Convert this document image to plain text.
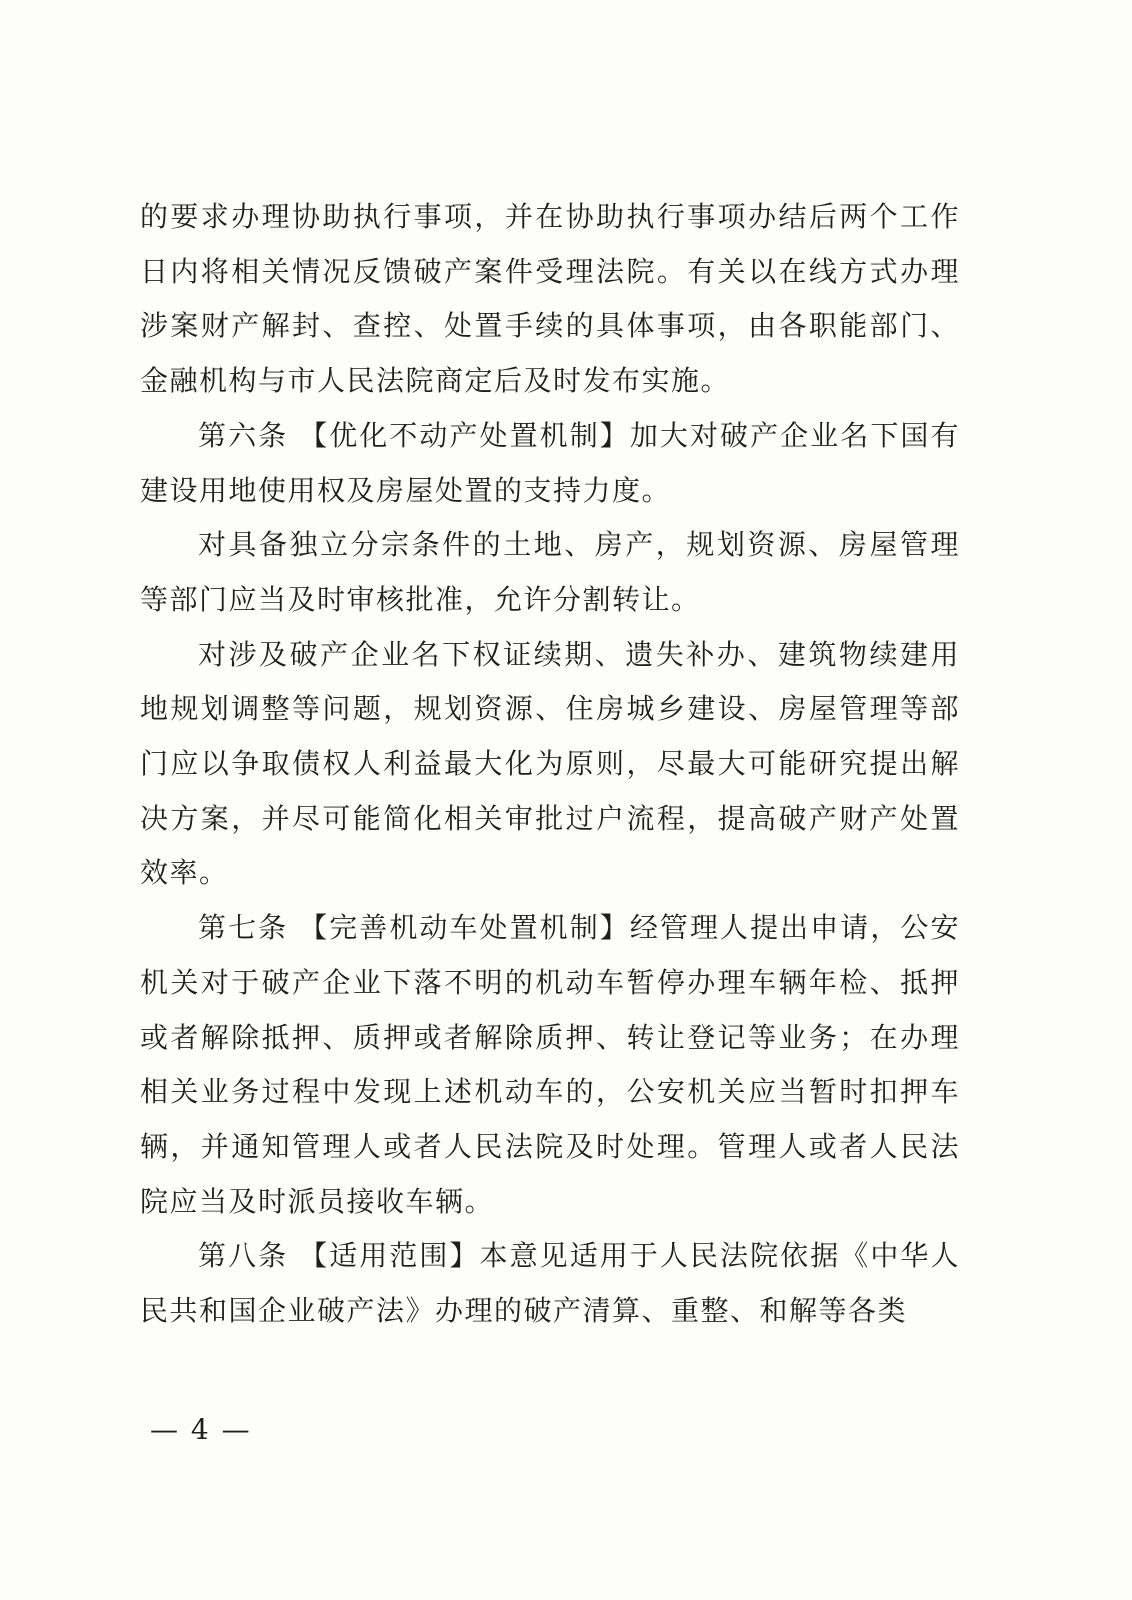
的要求办理协助执行事项，并在协助执行事项办结后两个工作日内将相关情况反馈破产案件受理法院。有关以在线方式办理涉案财产解封、查控、处置手续的具体事项，由各职能部门、金融机构与市人民法院商定后及时发布实施。

第六条 【优化不动产处置机制】加大对破产企业名下国有建设用地使用权及房屋处置的支持力度。

对具备独立分宗条件的土地、房产，规划资源、房屋管理等部门应当及时审核批准，允许分割转让。

对涉及破产企业名下权证续期、遗失补办、建筑物续建用地规划调整等问题，规划资源、住房城乡建设、房屋管理等部门应以争取债权人利益最大化为原则，尽最大可能研究提出解决方案，并尽可能简化相关审批过户流程，提高破产财产处置效率。

第七条 【完善机动车处置机制】经管理人提出申请，公安机关对于破产企业下落不明的机动车暂停办理车辆年检、抵押或者解除抵押、质押或者解除质押、转让登记等业务；在办理相关业务过程中发现上述机动车的，公安机关应当暂时扣押车辆，并通知管理人或者人民法院及时处理。管理人或者人民法院应当及时派员接收车辆。

第八条 【适用范围】本意见适用于人民法院依据《中华人民共和国企业破产法》办理的破产清算、重整、和解等各类

— 4 —
